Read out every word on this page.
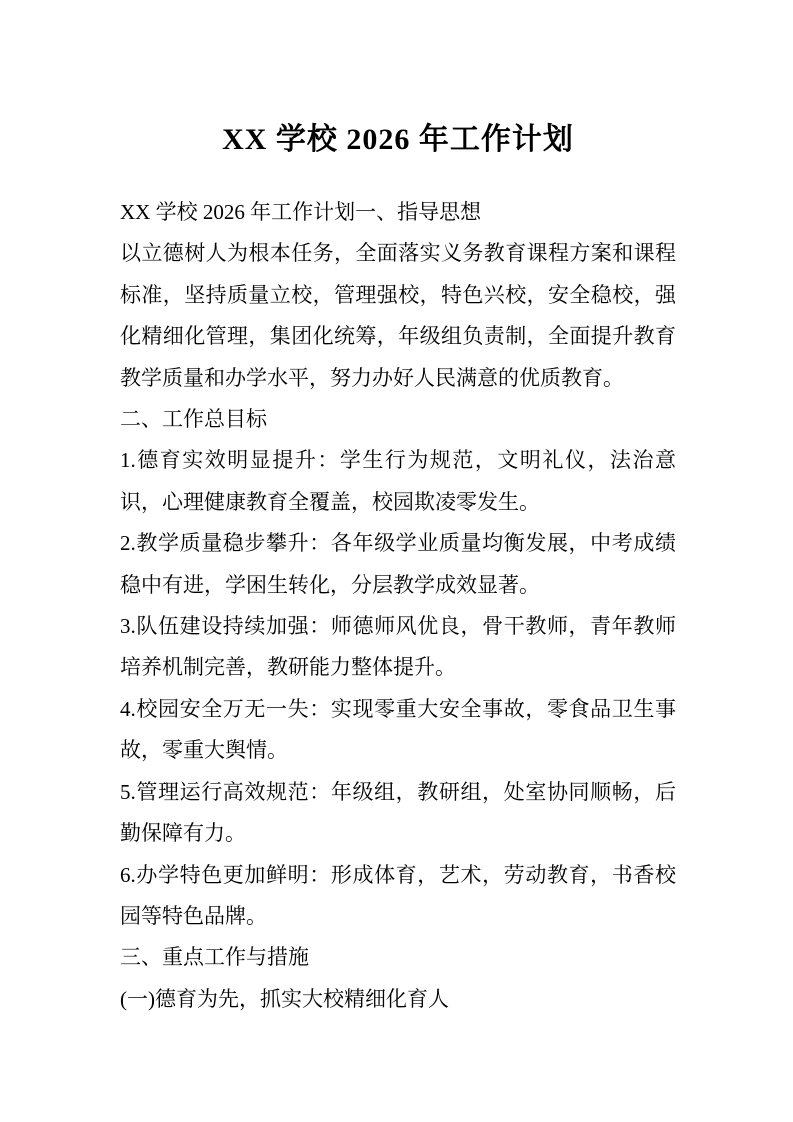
XX 学校 2026 年工作计划

XX 学校 2026 年工作计划一、指导思想

以立德树人为根本任务，全面落实义务教育课程方案和课程标准，坚持质量立校，管理强校，特色兴校，安全稳校，强化精细化管理，集团化统筹，年级组负责制，全面提升教育教学质量和办学水平，努力办好人民满意的优质教育。

二、工作总目标

1.德育实效明显提升：学生行为规范，文明礼仪，法治意识，心理健康教育全覆盖，校园欺凌零发生。

2.教学质量稳步攀升：各年级学业质量均衡发展，中考成绩稳中有进，学困生转化，分层教学成效显著。

3.队伍建设持续加强：师德师风优良，骨干教师，青年教师培养机制完善，教研能力整体提升。

4.校园安全万无一失：实现零重大安全事故，零食品卫生事故，零重大舆情。

5.管理运行高效规范：年级组，教研组，处室协同顺畅，后勤保障有力。

6.办学特色更加鲜明：形成体育，艺术，劳动教育，书香校园等特色品牌。

三、重点工作与措施

(一)德育为先，抓实大校精细化育人
